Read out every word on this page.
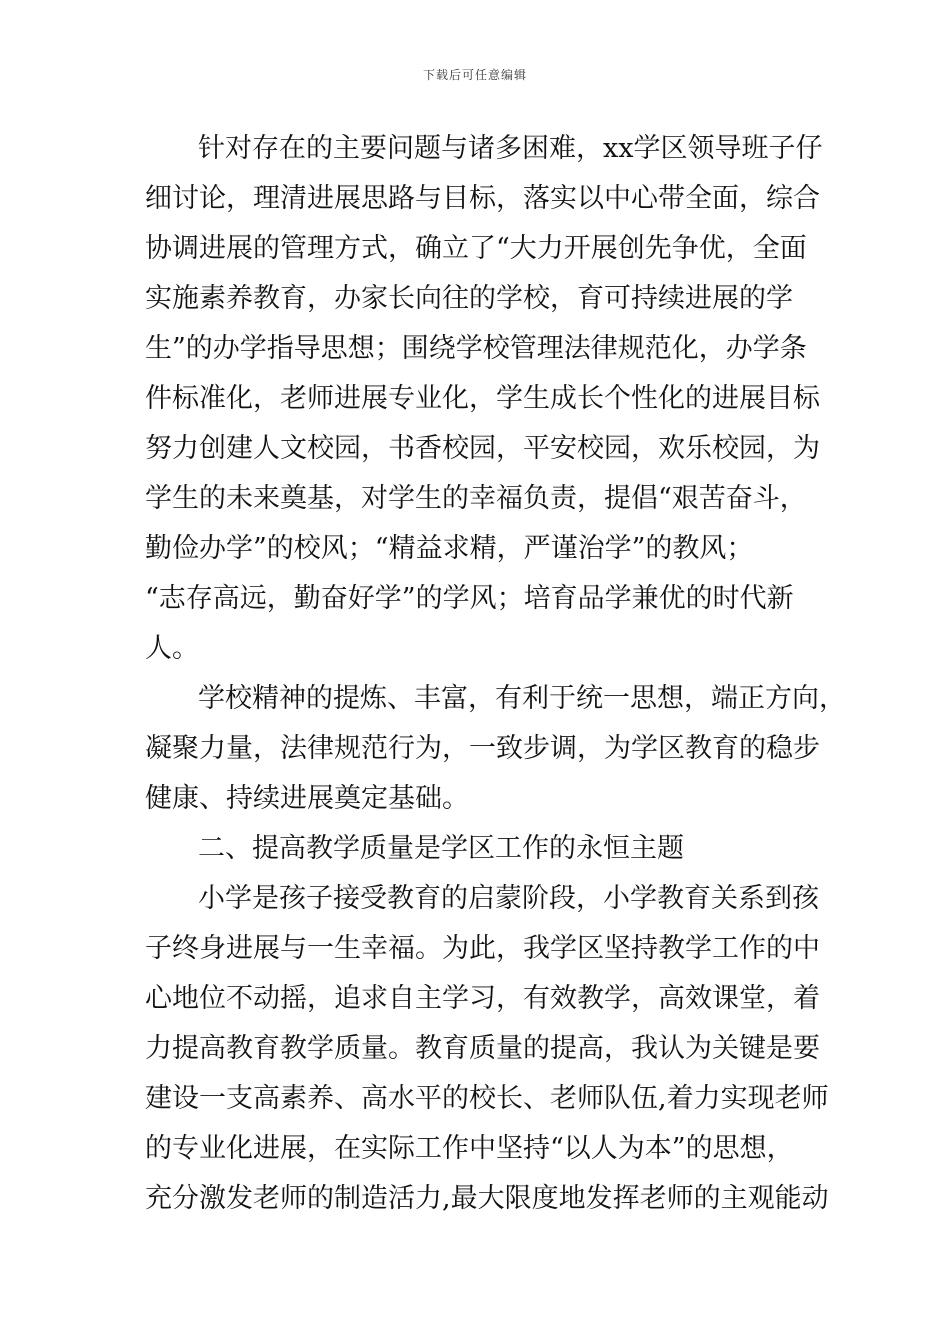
下载后可任意编辑
针对存在的主要问题与诸多困难，xx学区领导班子仔
细讨论，理清进展思路与目标，落实以中心带全面，综合
协调进展的管理方式，确立了“大力开展创先争优，全面
实施素养教育，办家长向往的学校，育可持续进展的学
生”的办学指导思想；围绕学校管理法律规范化，办学条
件标准化，老师进展专业化，学生成长个性化的进展目标
努力创建人文校园，书香校园，平安校园，欢乐校园，为
学生的未来奠基，对学生的幸福负责，提倡“艰苦奋斗，
勤俭办学”的校风；“精益求精，严谨治学”的教风；
“志存高远，勤奋好学”的学风；培育品学兼优的时代新
人。
学校精神的提炼、丰富，有利于统一思想，端正方向，
凝聚力量，法律规范行为，一致步调，为学区教育的稳步
健康、持续进展奠定基础。
二、提高教学质量是学区工作的永恒主题
小学是孩子接受教育的启蒙阶段，小学教育关系到孩
子终身进展与一生幸福。为此，我学区坚持教学工作的中
心地位不动摇，追求自主学习，有效教学，高效课堂，着
力提高教育教学质量。教育质量的提高，我认为关键是要
建设一支高素养、高水平的校长、老师队伍,着力实现老师
的专业化进展，在实际工作中坚持“以人为本”的思想，
充分激发老师的制造活力,最大限度地发挥老师的主观能动
